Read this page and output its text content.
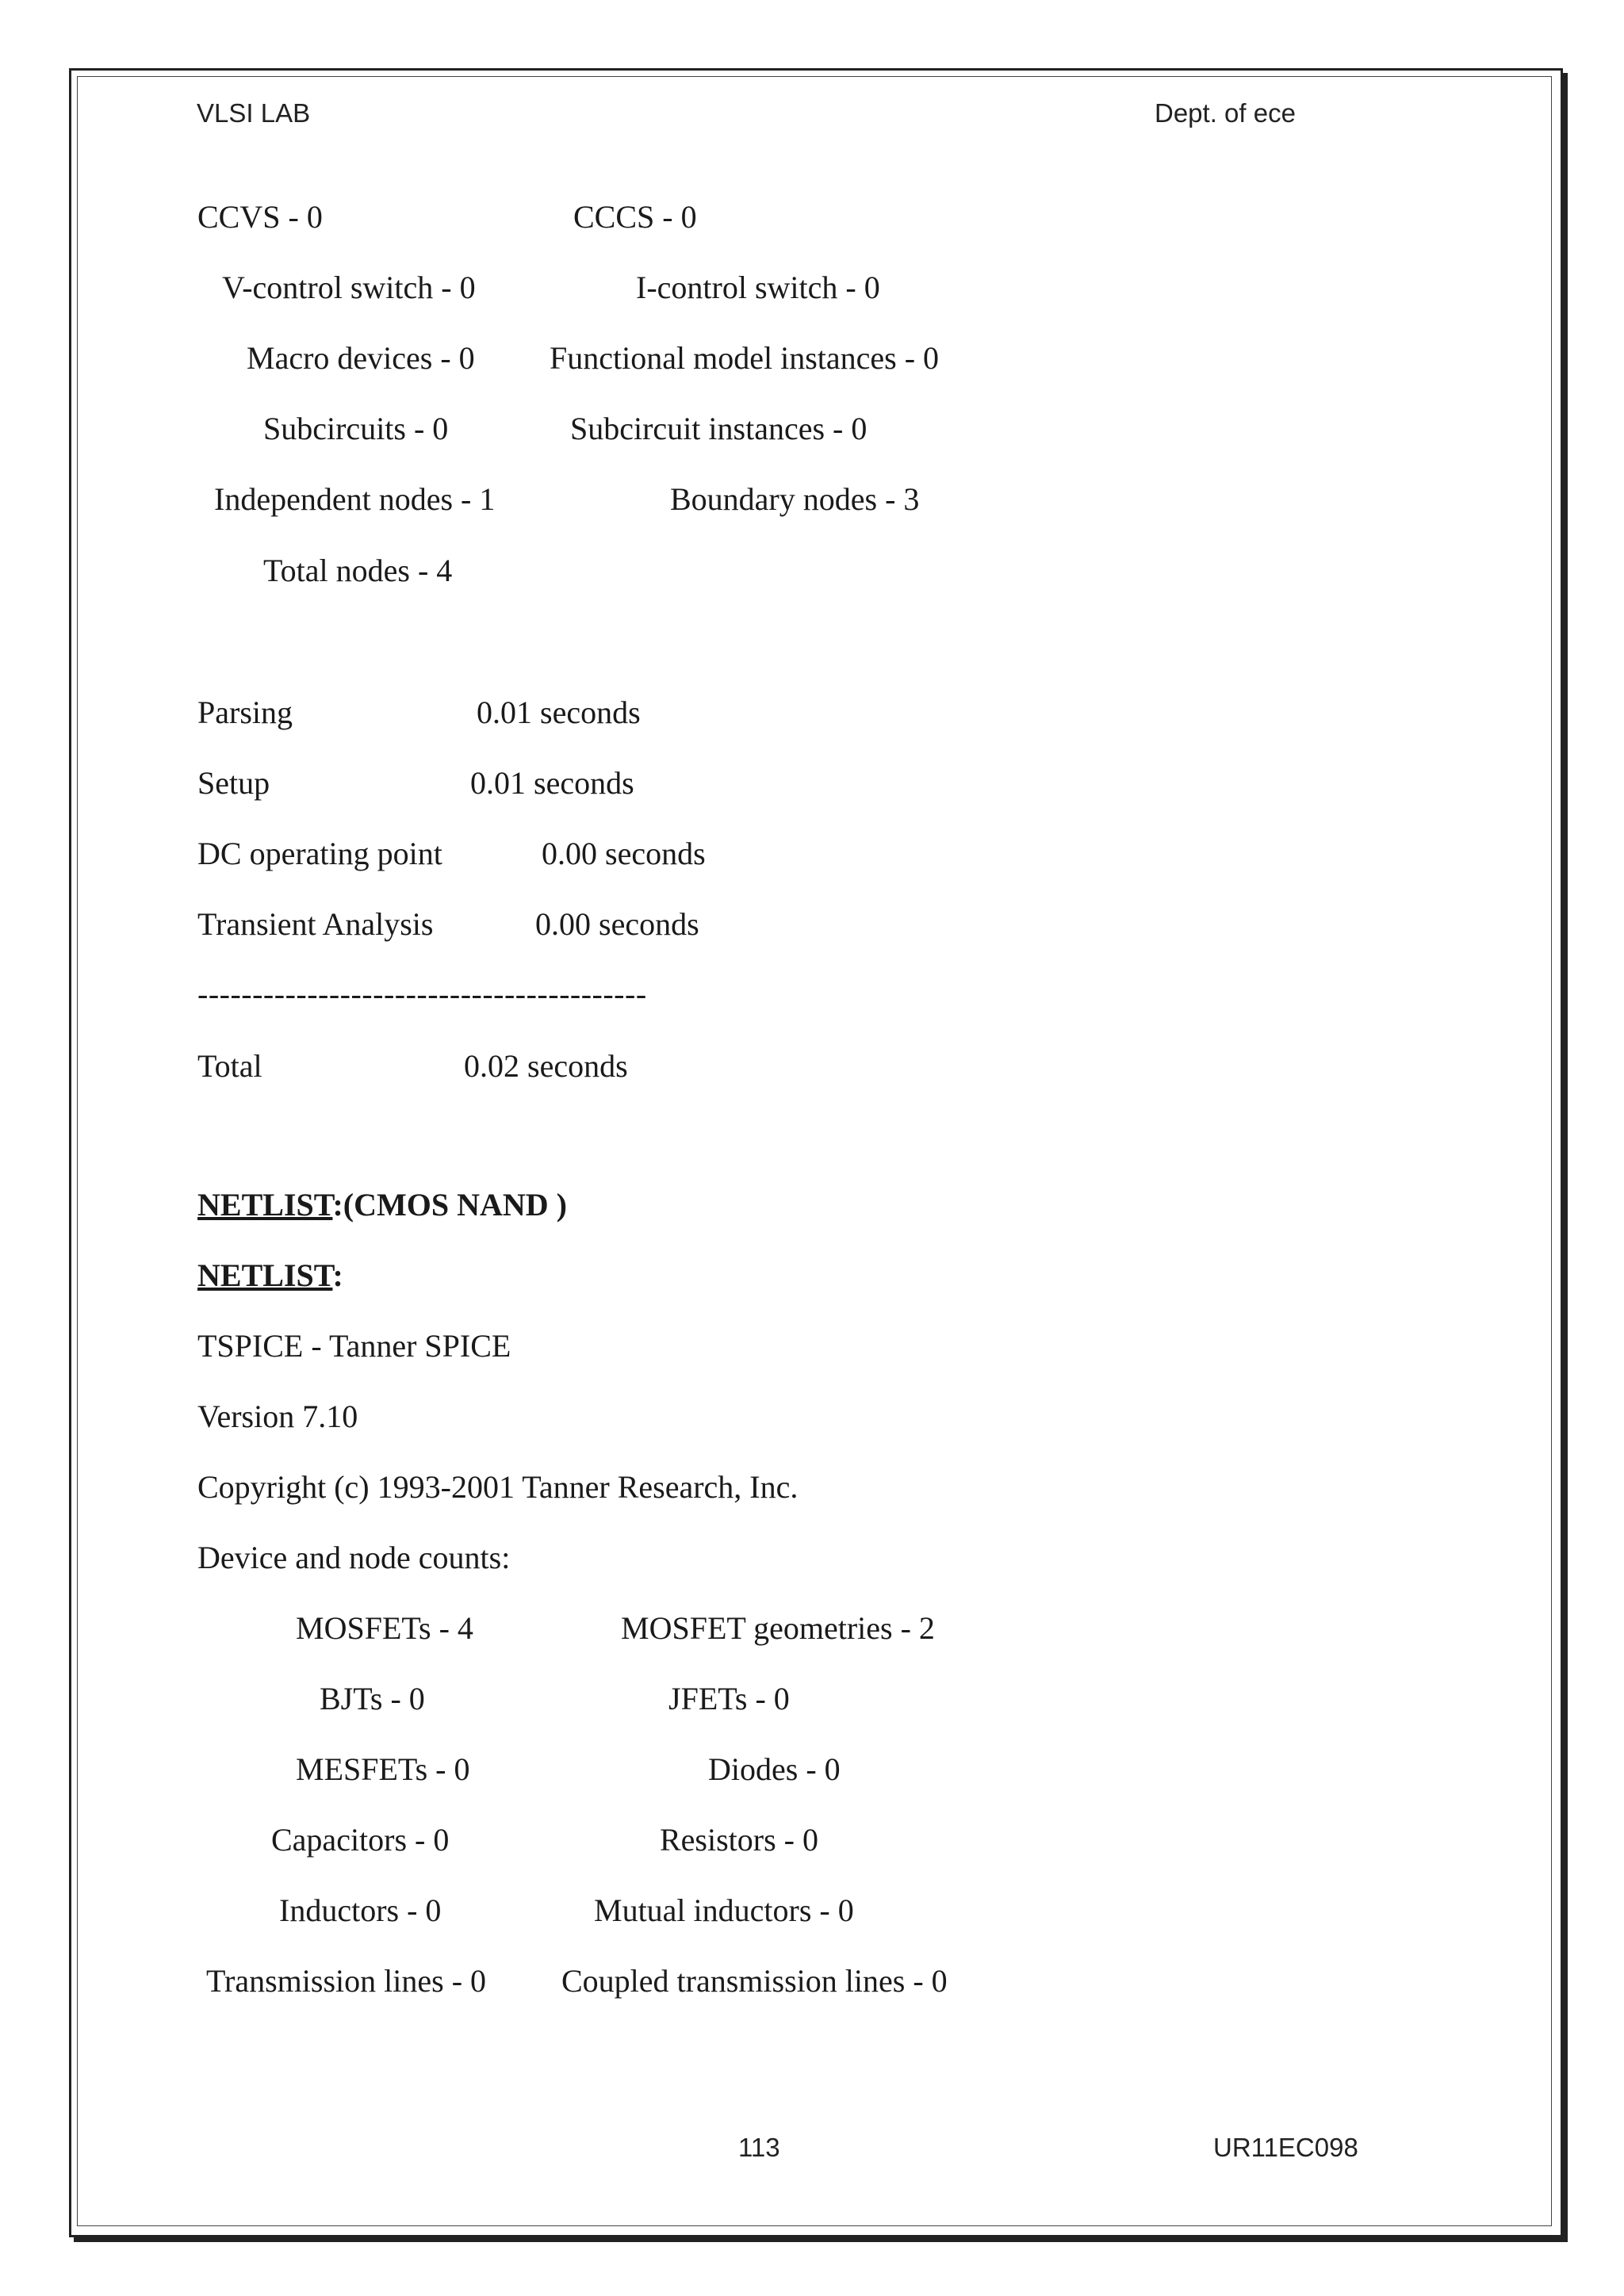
VLSI LAB	Dept. of ece
CCVS - 0	CCCS - 0
V-control switch - 0	I-control switch - 0
Macro devices - 0 Functional model instances - 0
Subcircuits - 0	Subcircuit instances - 0
Independent nodes - 1	Boundary nodes - 3
Total nodes - 4
Parsing	0.01 seconds
Setup	0.01 seconds
DC operating point	0.00 seconds
Transient Analysis	0.00 seconds
-----------------------------------------
Total	0.02 seconds
NETLIST:(CMOS NAND )
NETLIST:
TSPICE - Tanner SPICE
Version 7.10
Copyright (c) 1993-2001 Tanner Research, Inc.
Device and node counts:
MOSFETs - 4	MOSFET geometries - 2
BJTs - 0	JFETs - 0
MESFETs - 0	Diodes - 0
Capacitors - 0	Resistors - 0
Inductors - 0	Mutual inductors - 0
Transmission lines - 0 Coupled transmission lines - 0
113	UR11EC098
